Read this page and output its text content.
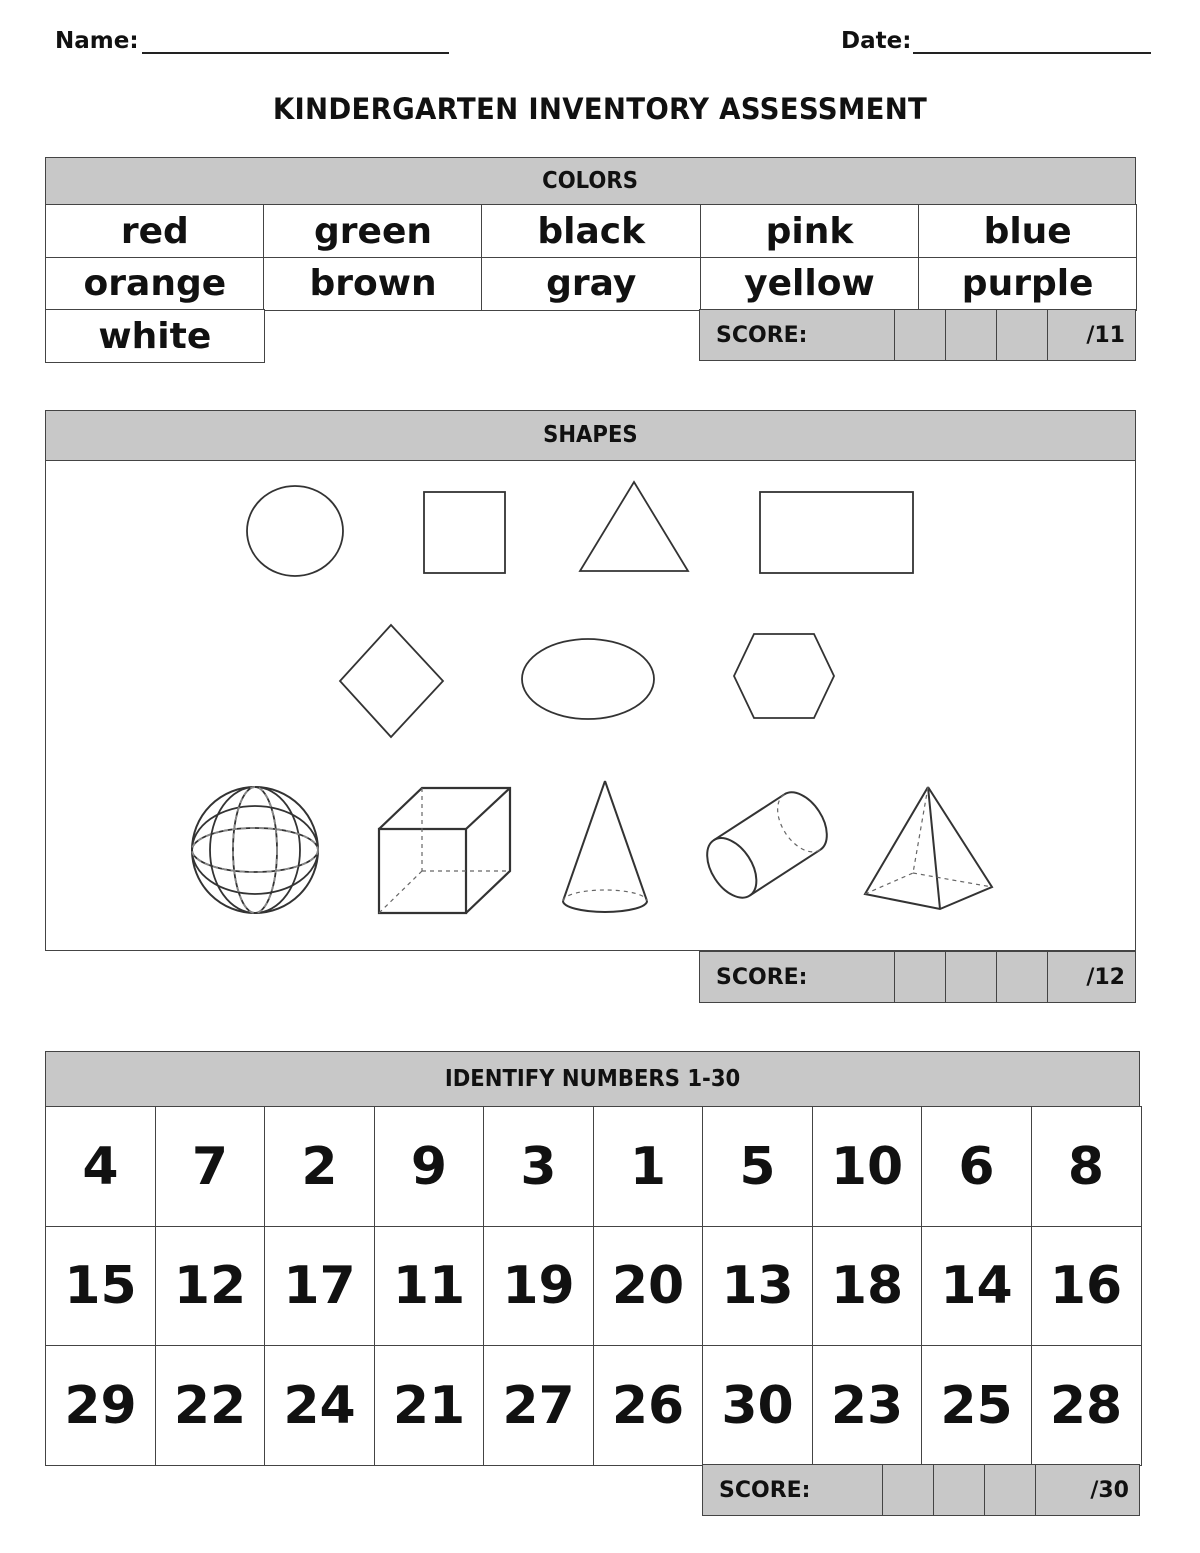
Name:	Date:
KINDERGARTEN INVENTORY ASSESSMENT
COLORS
red	green	black	pink	blue
orange	brown	gray	yellow	purple
white	SCORE:	/11
SHAPES
SCORE:	/12
IDENTIFY NUMBERS 1-30
4	7	2	9	3	1	5	10	6	8
15 12 17 11 19 20 13 18 14 16
29 22 24 21 27 26 30 23 25 28
SCORE:	/30
